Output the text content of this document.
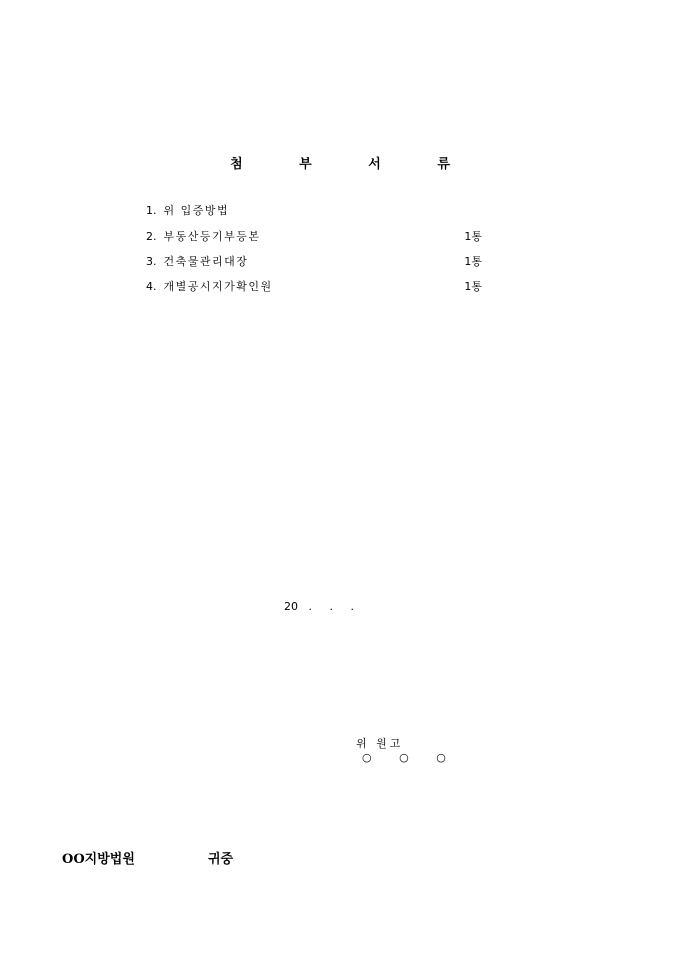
첨 부 서 류
1. 위 입증방법
2. 부동산등기부등본	1통
3. 건축물관리대장	1통
4. 개별공시지가확인원	1통
20   .     .     .

위 원고
○ ○ ○

OO지방법원	귀중
